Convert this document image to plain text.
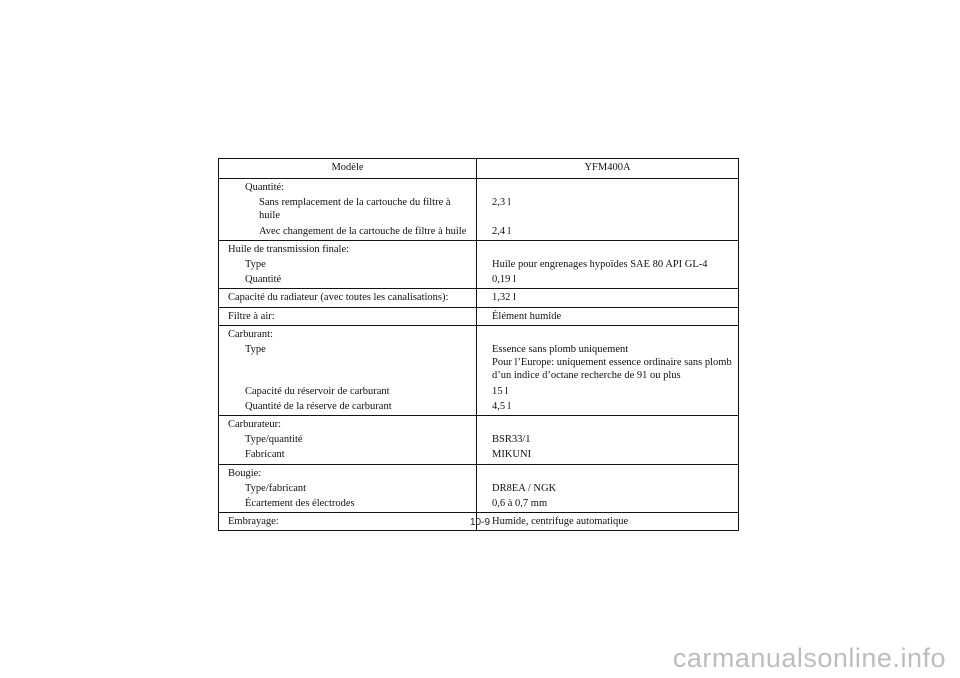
Modèle	YFM400A

Quantité:	

Sans remplacement de la cartouche du filtre à huile	2,3 l

Avec changement de la cartouche de filtre à huile	2,4 l
Huile de transmission finale:	

Type	Huile pour engrenages hypoïdes SAE 80 API GL-4

Quantité	0,19 l
Capacité du radiateur (avec toutes les canalisations):	1,32 l
Filtre à air:	Élément humide
Carburant:	

Type	Essence sans plomb uniquement
Pour l’Europe: uniquement essence ordinaire sans plomb
d’un indice d’octane recherche de 91 ou plus

Capacité du réservoir de carburant	15 l

Quantité de la réserve de carburant	4,5 l
Carburateur:	

Type/quantité	BSR33/1

Fabricant	MIKUNI
Bougie:	

Type/fabricant	DR8EA / NGK

Écartement des électrodes	0,6 à 0,7 mm
Embrayage:	Humide, centrifuge automatique
10-9
carmanualsonline.info
